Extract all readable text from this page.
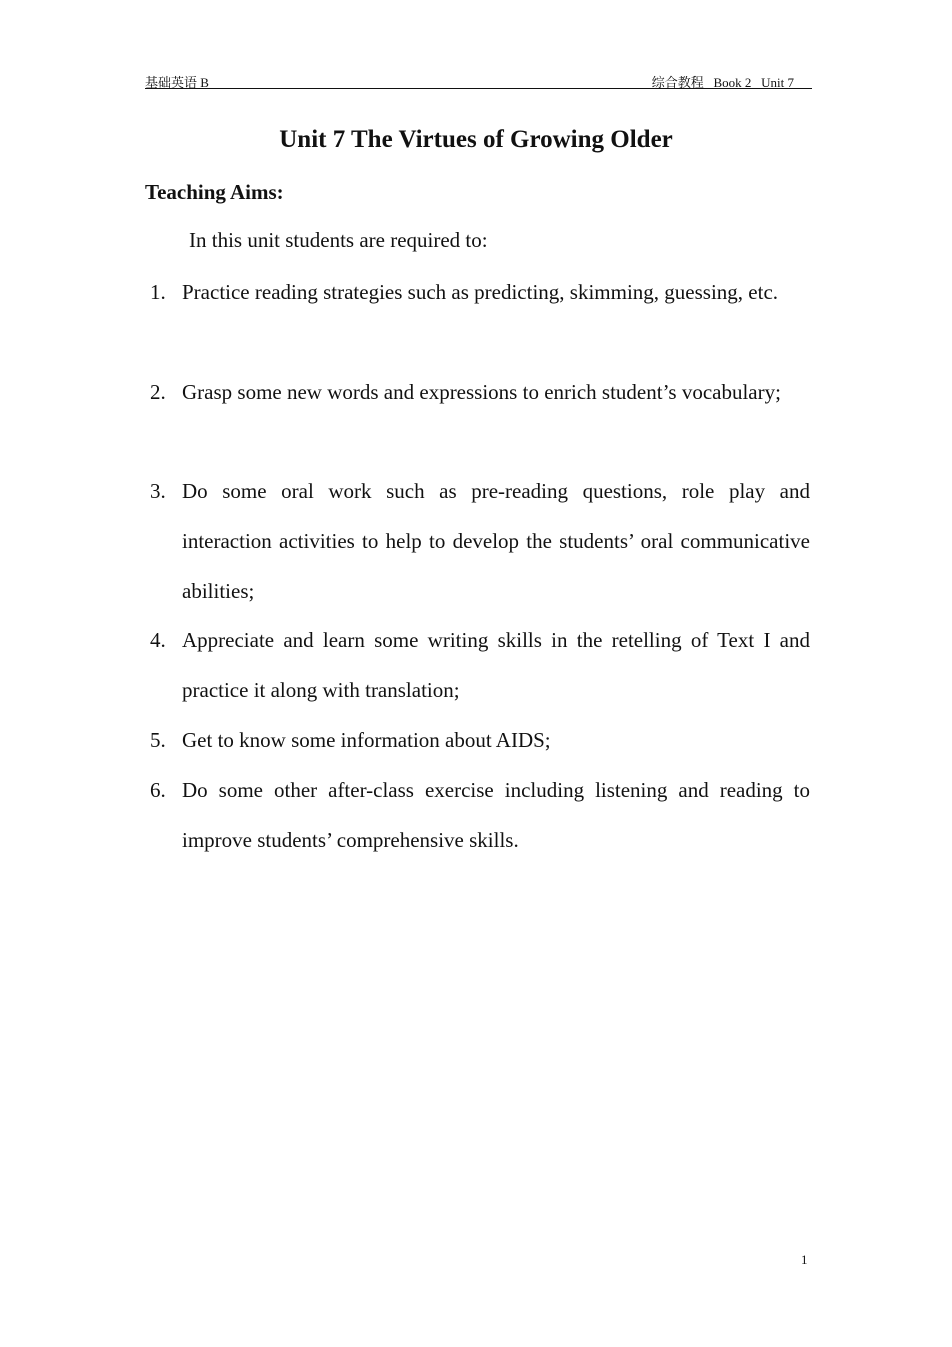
基础英语 B	综合教程   Book 2   Unit 7
Unit 7 The Virtues of Growing Older
Teaching Aims:
In this unit students are required to:
1. Practice reading strategies such as predicting, skimming, guessing, etc.
2. Grasp some new words and expressions to enrich student’s vocabulary;
3. Do some oral work such as pre-reading questions, role play and interaction activities to help to develop the students’ oral communicative abilities;
4. Appreciate and learn some writing skills in the retelling of Text I and practice it along with translation;
5. Get to know some information about AIDS;
6. Do some other after-class exercise including listening and reading to improve students’ comprehensive skills.
1
